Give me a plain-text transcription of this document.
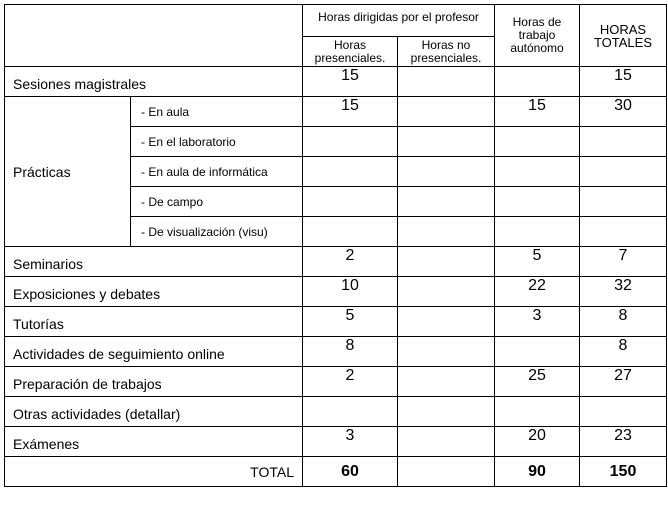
		Horas dirigidas por el profesor		Horas de trabajo autónomo	HORAS TOTALES
		Horas presenciales.	Horas no presenciales.		
Sesiones magistrales		15			15
Prácticas	- En aula	15		15	30
	- En el laboratorio				
	- En aula de informática				
	- De campo				
	- De visualización (visu)				
Seminarios		2		5	7
Exposiciones y debates		10		22	32
Tutorías		5		3	8
Actividades de seguimiento online		8			8
Preparación de trabajos		2		25	27
Otras actividades (detallar)					
Exámenes		3		20	23
TOTAL		60		90	150
